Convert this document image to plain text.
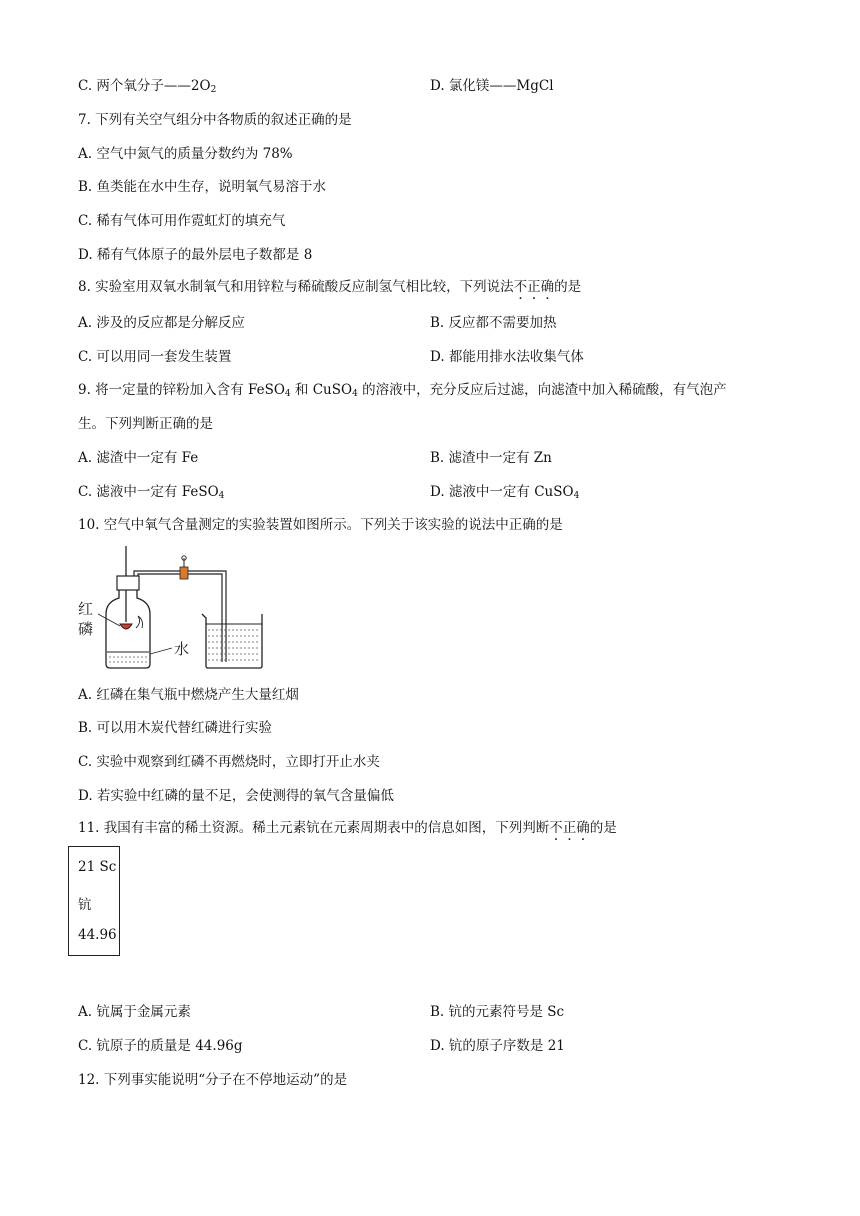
C. 两个氧分子$——2O_2$	D. 氯化镁——MgCl
7. 下列有关空气组分中各物质的叙述正确的是
A. 空气中氮气的质量分数约为 78%
B. 鱼类能在水中生存，说明氧气易溶于水
C. 稀有气体可用作霓虹灯的填充气
D. 稀有气体原子的最外层电子数都是 8
8. 实验室用双氧水制氧气和用锌粒与稀硫酸反应制氢气相比较，下列说法不正确的是
A. 涉及的反应都是分解反应	B. 反应都不需要加热
C. 可以用同一套发生装置	D. 都能用排水法收集气体
9. 将一定量的锌粉加入含有 FeSO$_4$ 和 CuSO$_4$ 的溶液中，充分反应后过滤，向滤渣中加入稀硫酸，有气泡产
生。下列判断正确的是
A. 滤渣中一定有 Fe	B. 滤渣中一定有 Zn
C. 滤液中一定有 FeSO$_4$	D. 滤液中一定有 CuSO$_4$
10. 空气中氧气含量测定的实验装置如图所示。下列关于该实验的说法中正确的是
红
磷
水
A. 红磷在集气瓶中燃烧产生大量红烟
B. 可以用木炭代替红磷进行实验
C. 实验中观察到红磷不再燃烧时，立即打开止水夹
D. 若实验中红磷的量不足，会使测得的氧气含量偏低
11. 我国有丰富的稀土资源。稀土元素钪在元素周期表中的信息如图，下列判断不正确的是
21 Sc
钪
44.96
A. 钪属于金属元素	B. 钪的元素符号是 Sc
C. 钪原子的质量是 44.96g	D. 钪的原子序数是 21
12. 下列事实能说明“分子在不停地运动”的是
